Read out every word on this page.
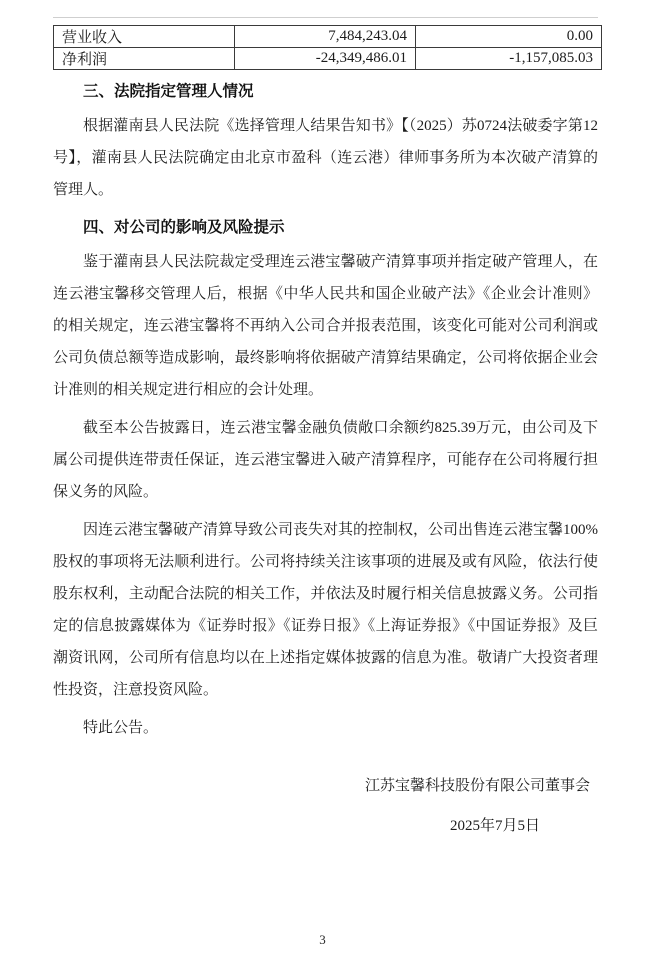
营业收入	7,484,243.04	0.00
净利润	-24,349,486.01	-1,157,085.03
三、法院指定管理人情况

根据灌南县人民法院《选择管理人结果告知书》【（2025）苏0724法破委字第12号】，灌南县人民法院确定由北京市盈科（连云港）律师事务所为本次破产清算的管理人。

四、对公司的影响及风险提示

鉴于灌南县人民法院裁定受理连云港宝馨破产清算事项并指定破产管理人，在连云港宝馨移交管理人后，根据《中华人民共和国企业破产法》《企业会计准则》的相关规定，连云港宝馨将不再纳入公司合并报表范围，该变化可能对公司利润或公司负债总额等造成影响，最终影响将依据破产清算结果确定，公司将依据企业会计准则的相关规定进行相应的会计处理。

截至本公告披露日，连云港宝馨金融负债敞口余额约825.39万元，由公司及下属公司提供连带责任保证，连云港宝馨进入破产清算程序，可能存在公司将履行担保义务的风险。

因连云港宝馨破产清算导致公司丧失对其的控制权，公司出售连云港宝馨100%股权的事项将无法顺利进行。公司将持续关注该事项的进展及或有风险，依法行使股东权利，主动配合法院的相关工作，并依法及时履行相关信息披露义务。公司指定的信息披露媒体为《证券时报》《证券日报》《上海证券报》《中国证券报》及巨潮资讯网，公司所有信息均以在上述指定媒体披露的信息为准。敬请广大投资者理性投资，注意投资风险。

特此公告。

江苏宝馨科技股份有限公司董事会
2025年7月5日
3
